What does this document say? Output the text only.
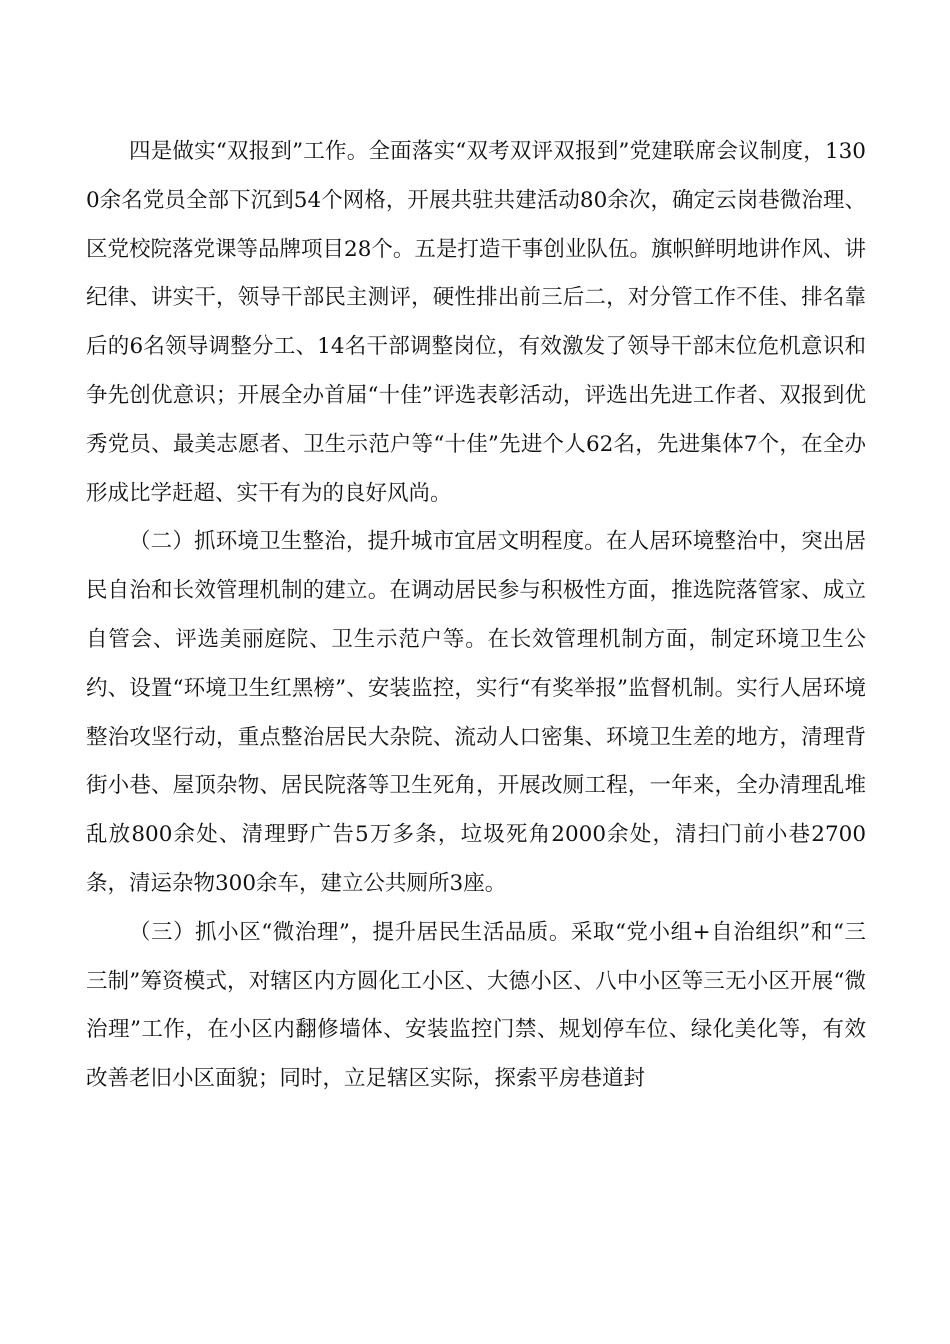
四是做实“双报到”工作。全面落实“双考双评双报到”党建联席会议制度，1300余名党员全部下沉到54个网格，开展共驻共建活动80余次，确定云岗巷微治理、区党校院落党课等品牌项目28个。五是打造干事创业队伍。旗帜鲜明地讲作风、讲纪律、讲实干，领导干部民主测评，硬性排出前三后二，对分管工作不佳、排名靠后的6名领导调整分工、14名干部调整岗位，有效激发了领导干部末位危机意识和争先创优意识；开展全办首届“十佳”评选表彰活动，评选出先进工作者、双报到优秀党员、最美志愿者、卫生示范户等“十佳”先进个人62名，先进集体7个，在全办形成比学赶超、实干有为的良好风尚。

（二）抓环境卫生整治，提升城市宜居文明程度。在人居环境整治中，突出居民自治和长效管理机制的建立。在调动居民参与积极性方面，推选院落管家、成立自管会、评选美丽庭院、卫生示范户等。在长效管理机制方面，制定环境卫生公约、设置“环境卫生红黑榜”、安装监控，实行“有奖举报”监督机制。实行人居环境整治攻坚行动，重点整治居民大杂院、流动人口密集、环境卫生差的地方，清理背街小巷、屋顶杂物、居民院落等卫生死角，开展改厕工程，一年来，全办清理乱堆乱放800余处、清理野广告5万多条，垃圾死角2000余处，清扫门前小巷2700条，清运杂物300余车，建立公共厕所3座。

（三）抓小区“微治理”，提升居民生活品质。采取“党小组+自治组织”和“三三制”筹资模式，对辖区内方圆化工小区、大德小区、八中小区等三无小区开展“微治理”工作，在小区内翻修墙体、安装监控门禁、规划停车位、绿化美化等，有效改善老旧小区面貌；同时，立足辖区实际，探索平房巷道封
